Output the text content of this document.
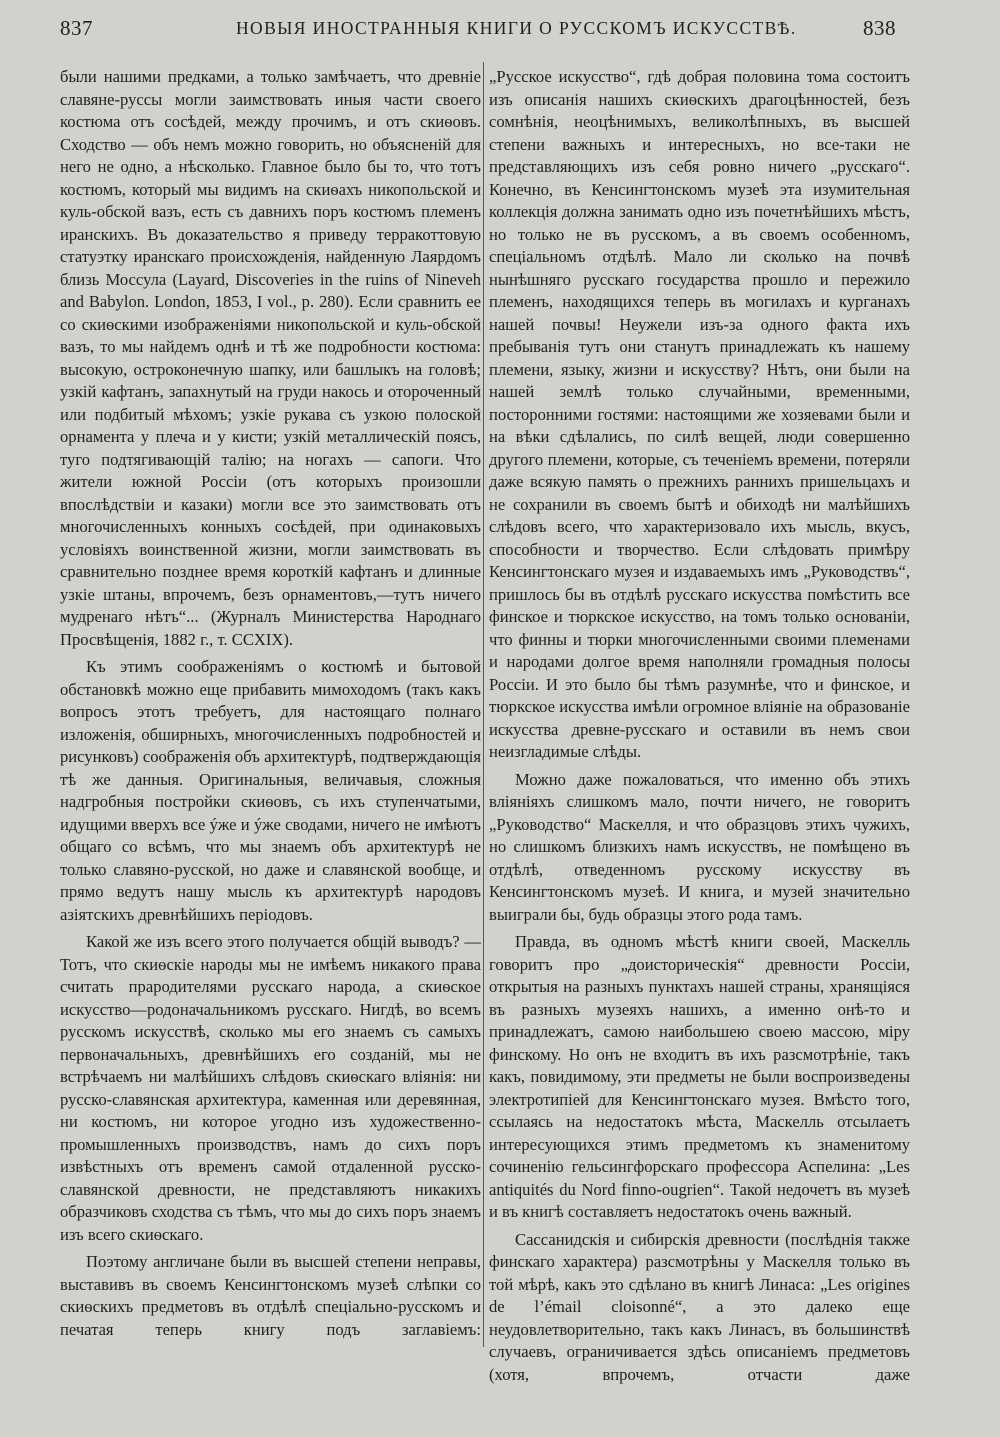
837	НОВЫЯ ИНОСТРАННЫЯ КНИГИ О РУССКОМЪ ИСКУССТВѢ.	838

были нашими предками, а только замѣчаетъ, что древніе славяне-руссы могли заимствовать иныя части своего костюма отъ сосѣдей, между прочимъ, и отъ скиѳовъ. Сходство — объ немъ можно говорить, но объясненій для него не одно, а нѣсколько. Главное было бы то, что тотъ костюмъ, который мы видимъ на скиѳахъ никопольской и куль-обской вазъ, есть съ давнихъ поръ костюмъ племенъ иранскихъ. Въ доказательство я приведу терракоттовую статуэтку иранскаго происхожденія, найденную Лаярдомъ близь Моссула (Layard, Discoveries in the ruins of Nineveh and Babylon. London, 1853, I vol., p. 280). Если сравнить ее со скиѳскими изображеніями никопольской и куль-обской вазъ, то мы найдемъ однѣ и тѣ же подробности костюма: высокую, остроконечную шапку, или башлыкъ на головѣ; узкій кафтанъ, запахнутый на груди накось и отороченный или подбитый мѣхомъ; узкіе рукава съ узкою полоской орнамента у плеча и у кисти; узкій металлическій поясъ, туго подтягивающій талію; на ногахъ — сапоги. Что жители южной Россіи (отъ которыхъ произошли впослѣдствіи и казаки) могли все это заимствовать отъ многочисленныхъ конныхъ сосѣдей, при одинаковыхъ условіяхъ воинственной жизни, могли заимствовать въ сравнительно позднее время короткій кафтанъ и длинные узкіе штаны, впрочемъ, безъ орнаментовъ,—тутъ ничего мудренаго нѣтъ“... (Журналъ Министерства Народнаго Просвѣщенія, 1882 г., т. CCXIX).

Къ этимъ соображеніямъ о костюмѣ и бытовой обстановкѣ можно еще прибавить мимоходомъ (такъ какъ вопросъ этотъ требуетъ, для настоящаго полнаго изложенія, обширныхъ, многочисленныхъ подробностей и рисунковъ) соображенія объ архитектурѣ, подтверждающія тѣ же данныя. Оригинальныя, величавыя, сложныя надгробныя постройки скиѳовъ, съ ихъ ступенчатыми, идущими вверхъ все ýже и ýже сводами, ничего не имѣютъ общаго со всѣмъ, что мы знаемъ объ архитектурѣ не только славяно-русской, но даже и славянской вообще, и прямо ведутъ нашу мысль къ архитектурѣ народовъ азіятскихъ древнѣйшихъ періодовъ.

Какой же изъ всего этого получается общій выводъ? — Тотъ, что скиѳскіе народы мы не имѣемъ никакого права считать прародителями русскаго народа, а скиѳское искусство—родоначальникомъ русскаго. Нигдѣ, во всемъ русскомъ искусствѣ, сколько мы его знаемъ съ самыхъ первоначальныхъ, древнѣйшихъ его созданій, мы не встрѣчаемъ ни малѣйшихъ слѣдовъ скиѳскаго вліянія: ни русско-славянская архитектура, каменная или деревянная, ни костюмъ, ни которое угодно изъ художественно-промышленныхъ производствъ, намъ до сихъ поръ извѣстныхъ отъ временъ самой отдаленной русско-славянской древности, не представляютъ никакихъ образчиковъ сходства съ тѣмъ, что мы до сихъ поръ знаемъ изъ всего скиѳскаго.

Поэтому англичане были въ высшей степени неправы, выставивъ въ своемъ Кенсингтонскомъ музеѣ слѣпки со скиѳскихъ предметовъ въ отдѣлѣ спеціально-русскомъ и печатая теперь книгу подъ заглавіемъ:

„Русское искусство“, гдѣ добрая половина тома состоитъ изъ описанія нашихъ скиѳскихъ драгоцѣнностей, безъ сомнѣнія, неоцѣнимыхъ, великолѣпныхъ, въ высшей степени важныхъ и интересныхъ, но все-таки не представляющихъ изъ себя ровно ничего „русскаго“. Конечно, въ Кенсингтонскомъ музеѣ эта изумительная коллекція должна занимать одно изъ почетнѣйшихъ мѣстъ, но только не въ русскомъ, а въ своемъ особенномъ, спеціальномъ отдѣлѣ. Мало ли сколько на почвѣ нынѣшняго русскаго государства прошло и пережило племенъ, находящихся теперь въ могилахъ и курганахъ нашей почвы! Неужели изъ-за одного факта ихъ пребыванія тутъ они станутъ принадлежать къ нашему племени, языку, жизни и искусству? Нѣтъ, они были на нашей землѣ только случайными, временными, посторонними гостями: настоящими же хозяевами были и на вѣки сдѣлались, по силѣ вещей, люди совершенно другого племени, которые, съ теченіемъ времени, потеряли даже всякую память о прежнихъ раннихъ пришельцахъ и не сохранили въ своемъ бытѣ и обиходѣ ни малѣйшихъ слѣдовъ всего, что характеризовало ихъ мысль, вкусъ, способности и творчество. Если слѣдовать примѣру Кенсингтонскаго музея и издаваемыхъ имъ „Руководствъ“, пришлось бы въ отдѣлѣ русскаго искусства помѣстить все финское и тюркское искусство, на томъ только основаніи, что финны и тюрки многочисленными своими племенами и народами долгое время наполняли громадныя полосы Россіи. И это было бы тѣмъ разумнѣе, что и финское, и тюркское искусства имѣли огромное вліяніе на образованіе искусства древне-русскаго и оставили въ немъ свои неизгладимые слѣды.

Можно даже пожаловаться, что именно объ этихъ вліяніяхъ слишкомъ мало, почти ничего, не говоритъ „Руководство“ Маскелля, и что образцовъ этихъ чужихъ, но слишкомъ близкихъ намъ искусствъ, не помѣщено въ отдѣлѣ, отведенномъ русскому искусству въ Кенсингтонскомъ музеѣ. И книга, и музей значительно выиграли бы, будь образцы этого рода тамъ.

Правда, въ одномъ мѣстѣ книги своей, Маскелль говоритъ про „доисторическія“ древности Россіи, открытыя на разныхъ пунктахъ нашей страны, хранящіяся въ разныхъ музеяхъ нашихъ, а именно онѣ-то и принадлежатъ, самою наибольшею своею массою, міру финскому. Но онъ не входитъ въ ихъ разсмотрѣніе, такъ какъ, повидимому, эти предметы не были воспроизведены электротипіей для Кенсингтонскаго музея. Вмѣсто того, ссылаясь на недостатокъ мѣста, Маскелль отсылаетъ интересующихся этимъ предметомъ къ знаменитому сочиненію гельсингфорскаго профессора Аспелина: „Les antiquités du Nord finno-ougrien“. Такой недочетъ въ музеѣ и въ книгѣ составляетъ недостатокъ очень важный.

Сассанидскія и сибирскія древности (послѣднія также финскаго характера) разсмотрѣны у Маскелля только въ той мѣрѣ, какъ это сдѣлано въ книгѣ Линаса: „Les origines de l’émail cloisonné“, а это далеко еще неудовлетворительно, такъ какъ Линасъ, въ большинствѣ случаевъ, ограничивается здѣсь описаніемъ предметовъ (хотя, впрочемъ, отчасти даже
